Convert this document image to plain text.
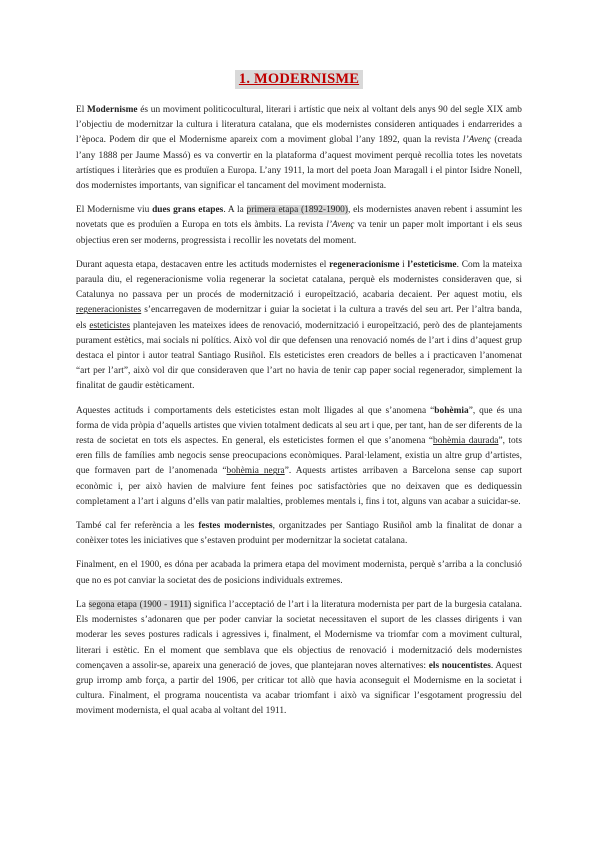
1. MODERNISME

El Modernisme és un moviment politicocultural, literari i artístic que neix al voltant dels anys 90 del segle XIX amb l’objectiu de modernitzar la cultura i literatura catalana, que els modernistes consideren antiquades i endarrerides a l’època. Podem dir que el Modernisme apareix com a moviment global l’any 1892, quan la revista l’Avenç (creada l’any 1888 per Jaume Massó) es va convertir en la plataforma d’aquest moviment perquè recollia totes les novetats artístiques i literàries que es produïen a Europa. L’any 1911, la mort del poeta Joan Maragall i el pintor Isidre Nonell, dos modernistes importants, van significar el tancament del moviment modernista.

El Modernisme viu dues grans etapes. A la primera etapa (1892-1900), els modernistes anaven rebent i assumint les novetats que es produïen a Europa en tots els àmbits. La revista l’Avenç va tenir un paper molt important i els seus objectius eren ser moderns, progressista i recollir les novetats del moment.

Durant aquesta etapa, destacaven entre les actituds modernistes el regeneracionisme i l’esteticisme. Com la mateixa paraula diu, el regeneracionisme volia regenerar la societat catalana, perquè els modernistes consideraven que, si Catalunya no passava per un procés de modernització i europeïtzació, acabaria decaient. Per aquest motiu, els regeneracionistes s’encarregaven de modernitzar i guiar la societat i la cultura a través del seu art. Per l’altra banda, els esteticistes plantejaven les mateixes idees de renovació, modernització i europeïtzació, però des de plantejaments purament estètics, mai socials ni polítics. Això vol dir que defensen una renovació només de l’art i dins d’aquest grup destaca el pintor i autor teatral Santiago Rusiñol. Els esteticistes eren creadors de belles a i practicaven l’anomenat “art per l’art”, això vol dir que consideraven que l’art no havia de tenir cap paper social regenerador, simplement la finalitat de gaudir estèticament.

Aquestes actituds i comportaments dels esteticistes estan molt lligades al que s’anomena “bohèmia”, que és una forma de vida pròpia d’aquells artistes que vivien totalment dedicats al seu art i que, per tant, han de ser diferents de la resta de societat en tots els aspectes. En general, els esteticistes formen el que s’anomena “bohèmia daurada”, tots eren fills de famílies amb negocis sense preocupacions econòmiques. Paral·lelament, existia un altre grup d’artistes, que formaven part de l’anomenada “bohèmia negra”. Aquests artistes arribaven a Barcelona sense cap suport econòmic i, per això havien de malviure fent feines poc satisfactòries que no deixaven que es dediquessin completament a l’art i alguns d’ells van patir malalties, problemes mentals i, fins i tot, alguns van acabar a suicidar-se.

També cal fer referència a les festes modernistes, organitzades per Santiago Rusiñol amb la finalitat de donar a conèixer totes les iniciatives que s’estaven produint per modernitzar la societat catalana.

Finalment, en el 1900, es dóna per acabada la primera etapa del moviment modernista, perquè s’arriba a la conclusió que no es pot canviar la societat des de posicions individuals extremes.

La segona etapa (1900 - 1911) significa l’acceptació de l’art i la literatura modernista per part de la burgesia catalana. Els modernistes s’adonaren que per poder canviar la societat necessitaven el suport de les classes dirigents i van moderar les seves postures radicals i agressives i, finalment, el Modernisme va triomfar com a moviment cultural, literari i estètic. En el moment que semblava que els objectius de renovació i modernització dels modernistes començaven a assolir-se, apareix una generació de joves, que plantejaran noves alternatives: els noucentistes. Aquest grup irromp amb força, a partir del 1906, per criticar tot allò que havia aconseguit el Modernisme en la societat i cultura. Finalment, el programa noucentista va acabar triomfant i això va significar l’esgotament progressiu del moviment modernista, el qual acaba al voltant del 1911.
